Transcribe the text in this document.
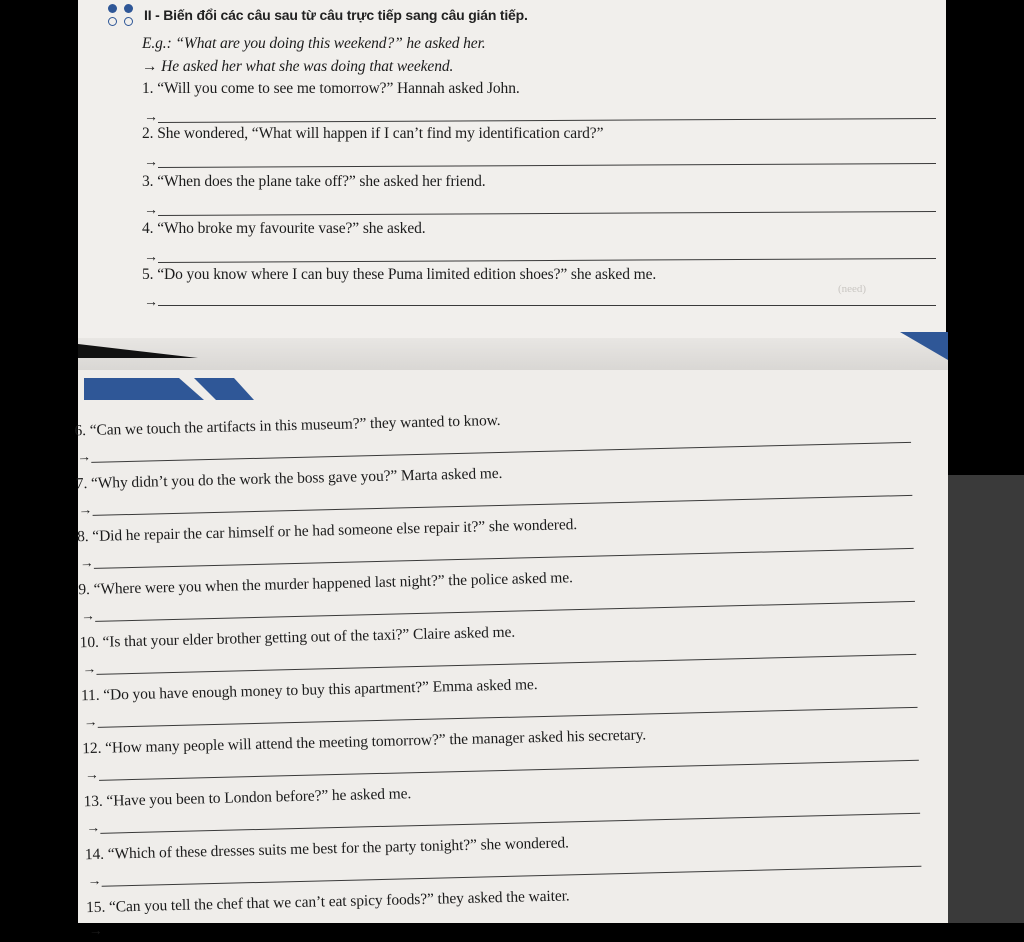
II - Biến đổi các câu sau từ câu trực tiếp sang câu gián tiếp.
E.g.: “What are you doing this weekend?” he asked her.
→ He asked her what she was doing that weekend.
1. “Will you come to see me tomorrow?” Hannah asked John.
→
2. She wondered, “What will happen if I can’t find my identification card?”
→
3. “When does the plane take off?” she asked her friend.
→
4. “Who broke my favourite vase?” she asked.
→
5. “Do you know where I can buy these Puma limited edition shoes?” she asked me.
→
(need)
6. “Can we touch the artifacts in this museum?” they wanted to know.
→
7. “Why didn’t you do the work the boss gave you?” Marta asked me.
→
8. “Did he repair the car himself or he had someone else repair it?” she wondered.
→
9. “Where were you when the murder happened last night?” the police asked me.
→
10. “Is that your elder brother getting out of the taxi?” Claire asked me.
→
11. “Do you have enough money to buy this apartment?” Emma asked me.
→
12. “How many people will attend the meeting tomorrow?” the manager asked his secretary.
→
13. “Have you been to London before?” he asked me.
→
14. “Which of these dresses suits me best for the party tonight?” she wondered.
→
15. “Can you tell the chef that we can’t eat spicy foods?” they asked the waiter.
→
